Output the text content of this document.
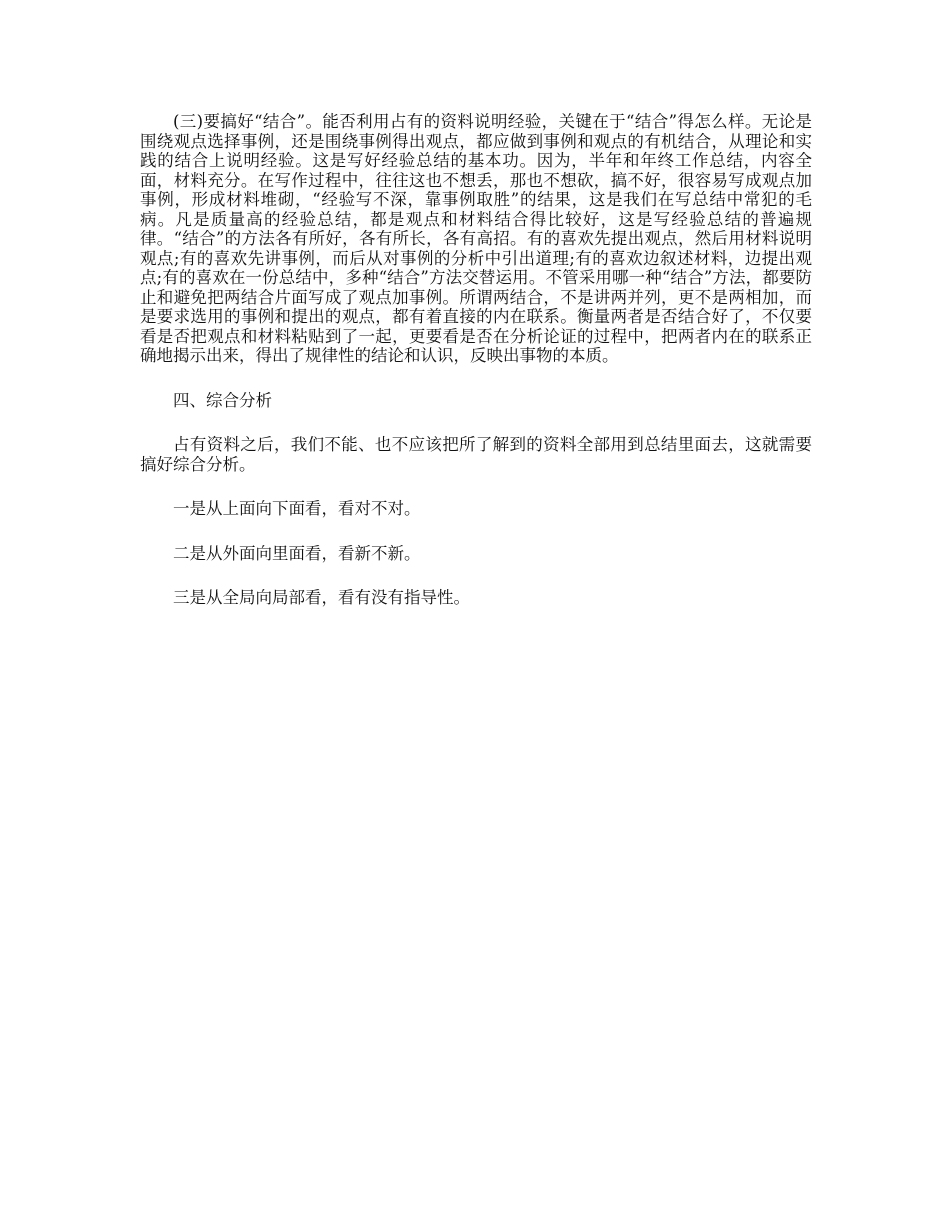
(三)要搞好“结合”。能否利用占有的资料说明经验，关键在于“结合”得怎么样。无论是围绕观点选择事例，还是围绕事例得出观点，都应做到事例和观点的有机结合，从理论和实践的结合上说明经验。这是写好经验总结的基本功。因为，半年和年终工作总结，内容全面，材料充分。在写作过程中，往往这也不想丢，那也不想砍，搞不好，很容易写成观点加事例，形成材料堆砌，“经验写不深，靠事例取胜”的结果，这是我们在写总结中常犯的毛病。凡是质量高的经验总结，都是观点和材料结合得比较好，这是写经验总结的普遍规律。“结合”的方法各有所好，各有所长，各有高招。有的喜欢先提出观点，然后用材料说明观点;有的喜欢先讲事例，而后从对事例的分析中引出道理;有的喜欢边叙述材料，边提出观点;有的喜欢在一份总结中，多种“结合”方法交替运用。不管采用哪一种“结合”方法，都要防止和避免把两结合片面写成了观点加事例。所谓两结合，不是讲两并列，更不是两相加，而是要求选用的事例和提出的观点，都有着直接的内在联系。衡量两者是否结合好了，不仅要看是否把观点和材料粘贴到了一起，更要看是否在分析论证的过程中，把两者内在的联系正确地揭示出来，得出了规律性的结论和认识，反映出事物的本质。

四、综合分析

占有资料之后，我们不能、也不应该把所了解到的资料全部用到总结里面去，这就需要搞好综合分析。

一是从上面向下面看，看对不对。

二是从外面向里面看，看新不新。

三是从全局向局部看，看有没有指导性。
